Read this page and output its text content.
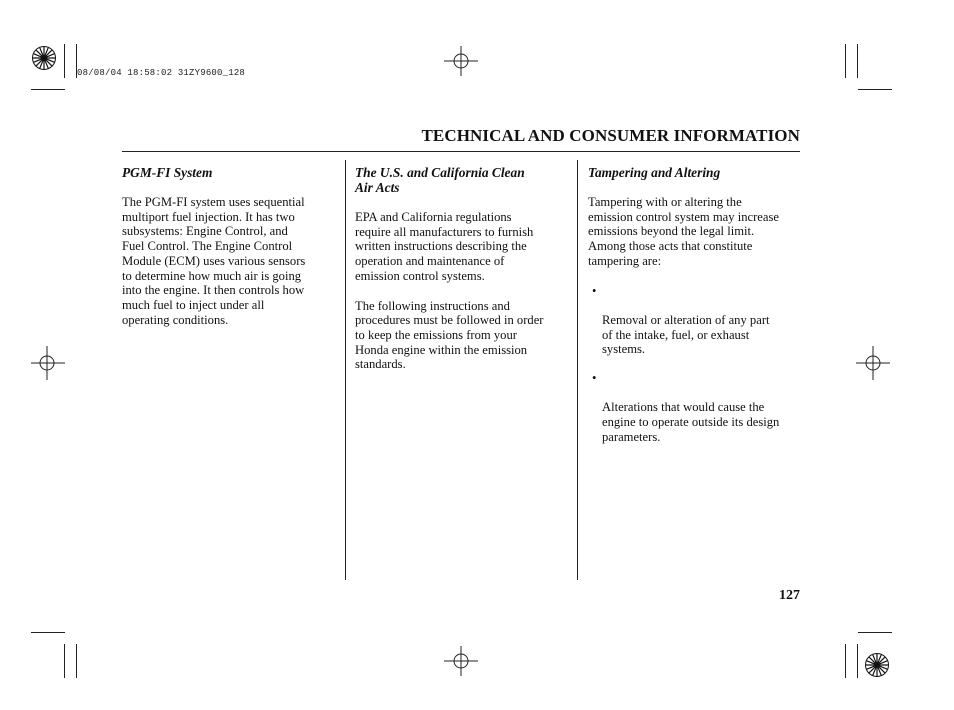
08/08/04 18:58:02 31ZY9600_128
TECHNICAL AND CONSUMER INFORMATION
PGM-FI System
The PGM-FI system uses sequential
multiport fuel injection. It has two
subsystems: Engine Control, and
Fuel Control. The Engine Control
Module (ECM) uses various sensors
to determine how much air is going
into the engine. It then controls how
much fuel to inject under all
operating conditions.
The U.S. and California Clean
Air Acts
EPA and California regulations
require all manufacturers to furnish
written instructions describing the
operation and maintenance of
emission control systems.
The following instructions and
procedures must be followed in order
to keep the emissions from your
Honda engine within the emission
standards.
Tampering and Altering
Tampering with or altering the
emission control system may increase
emissions beyond the legal limit.
Among those acts that constitute
tampering are:

•

Removal or alteration of any part
of the intake, fuel, or exhaust
systems.

•

Alterations that would cause the
engine to operate outside its design
parameters.

127
